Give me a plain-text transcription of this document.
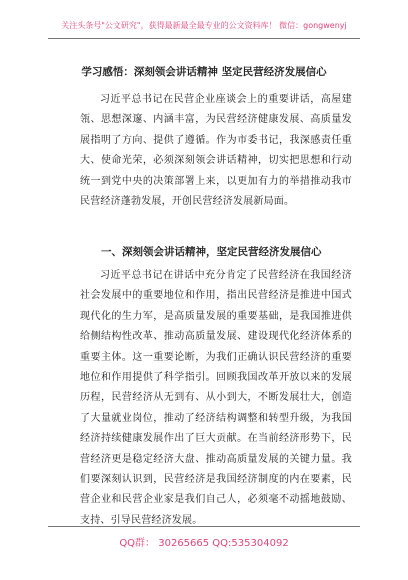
关注头条号"公文研究"，获得最新最全最专业的公文资料库！ 微信：gongwenyj
学习感悟：深刻领会讲话精神 坚定民营经济发展信心

习近平总书记在民营企业座谈会上的重要讲话，高屋建瓴、思想深邃、内涵丰富，为民营经济健康发展、高质量发展指明了方向、提供了遵循。作为市委书记，我深感责任重大、使命光荣，必须深刻领会讲话精神，切实把思想和行动统一到党中央的决策部署上来，以更加有力的举措推动我市民营经济蓬勃发展，开创民营经济发展新局面。

一、深刻领会讲话精神，坚定民营经济发展信心

习近平总书记在讲话中充分肯定了民营经济在我国经济社会发展中的重要地位和作用，指出民营经济是推进中国式现代化的生力军，是高质量发展的重要基础，是我国推进供给侧结构性改革、推动高质量发展、建设现代化经济体系的重要主体。这一重要论断，为我们正确认识民营经济的重要地位和作用提供了科学指引。回顾我国改革开放以来的发展历程，民营经济从无到有、从小到大，不断发展壮大，创造了大量就业岗位，推动了经济结构调整和转型升级，为我国经济持续健康发展作出了巨大贡献。在当前经济形势下，民营经济更是稳定经济大盘、推动高质量发展的关键力量。我们要深刻认识到，民营经济是我国经济制度的内在要素，民营企业和民营企业家是我们自己人，必须毫不动摇地鼓励、支持、引导民营经济发展。

QQ群： 30265665 QQ:535304092
